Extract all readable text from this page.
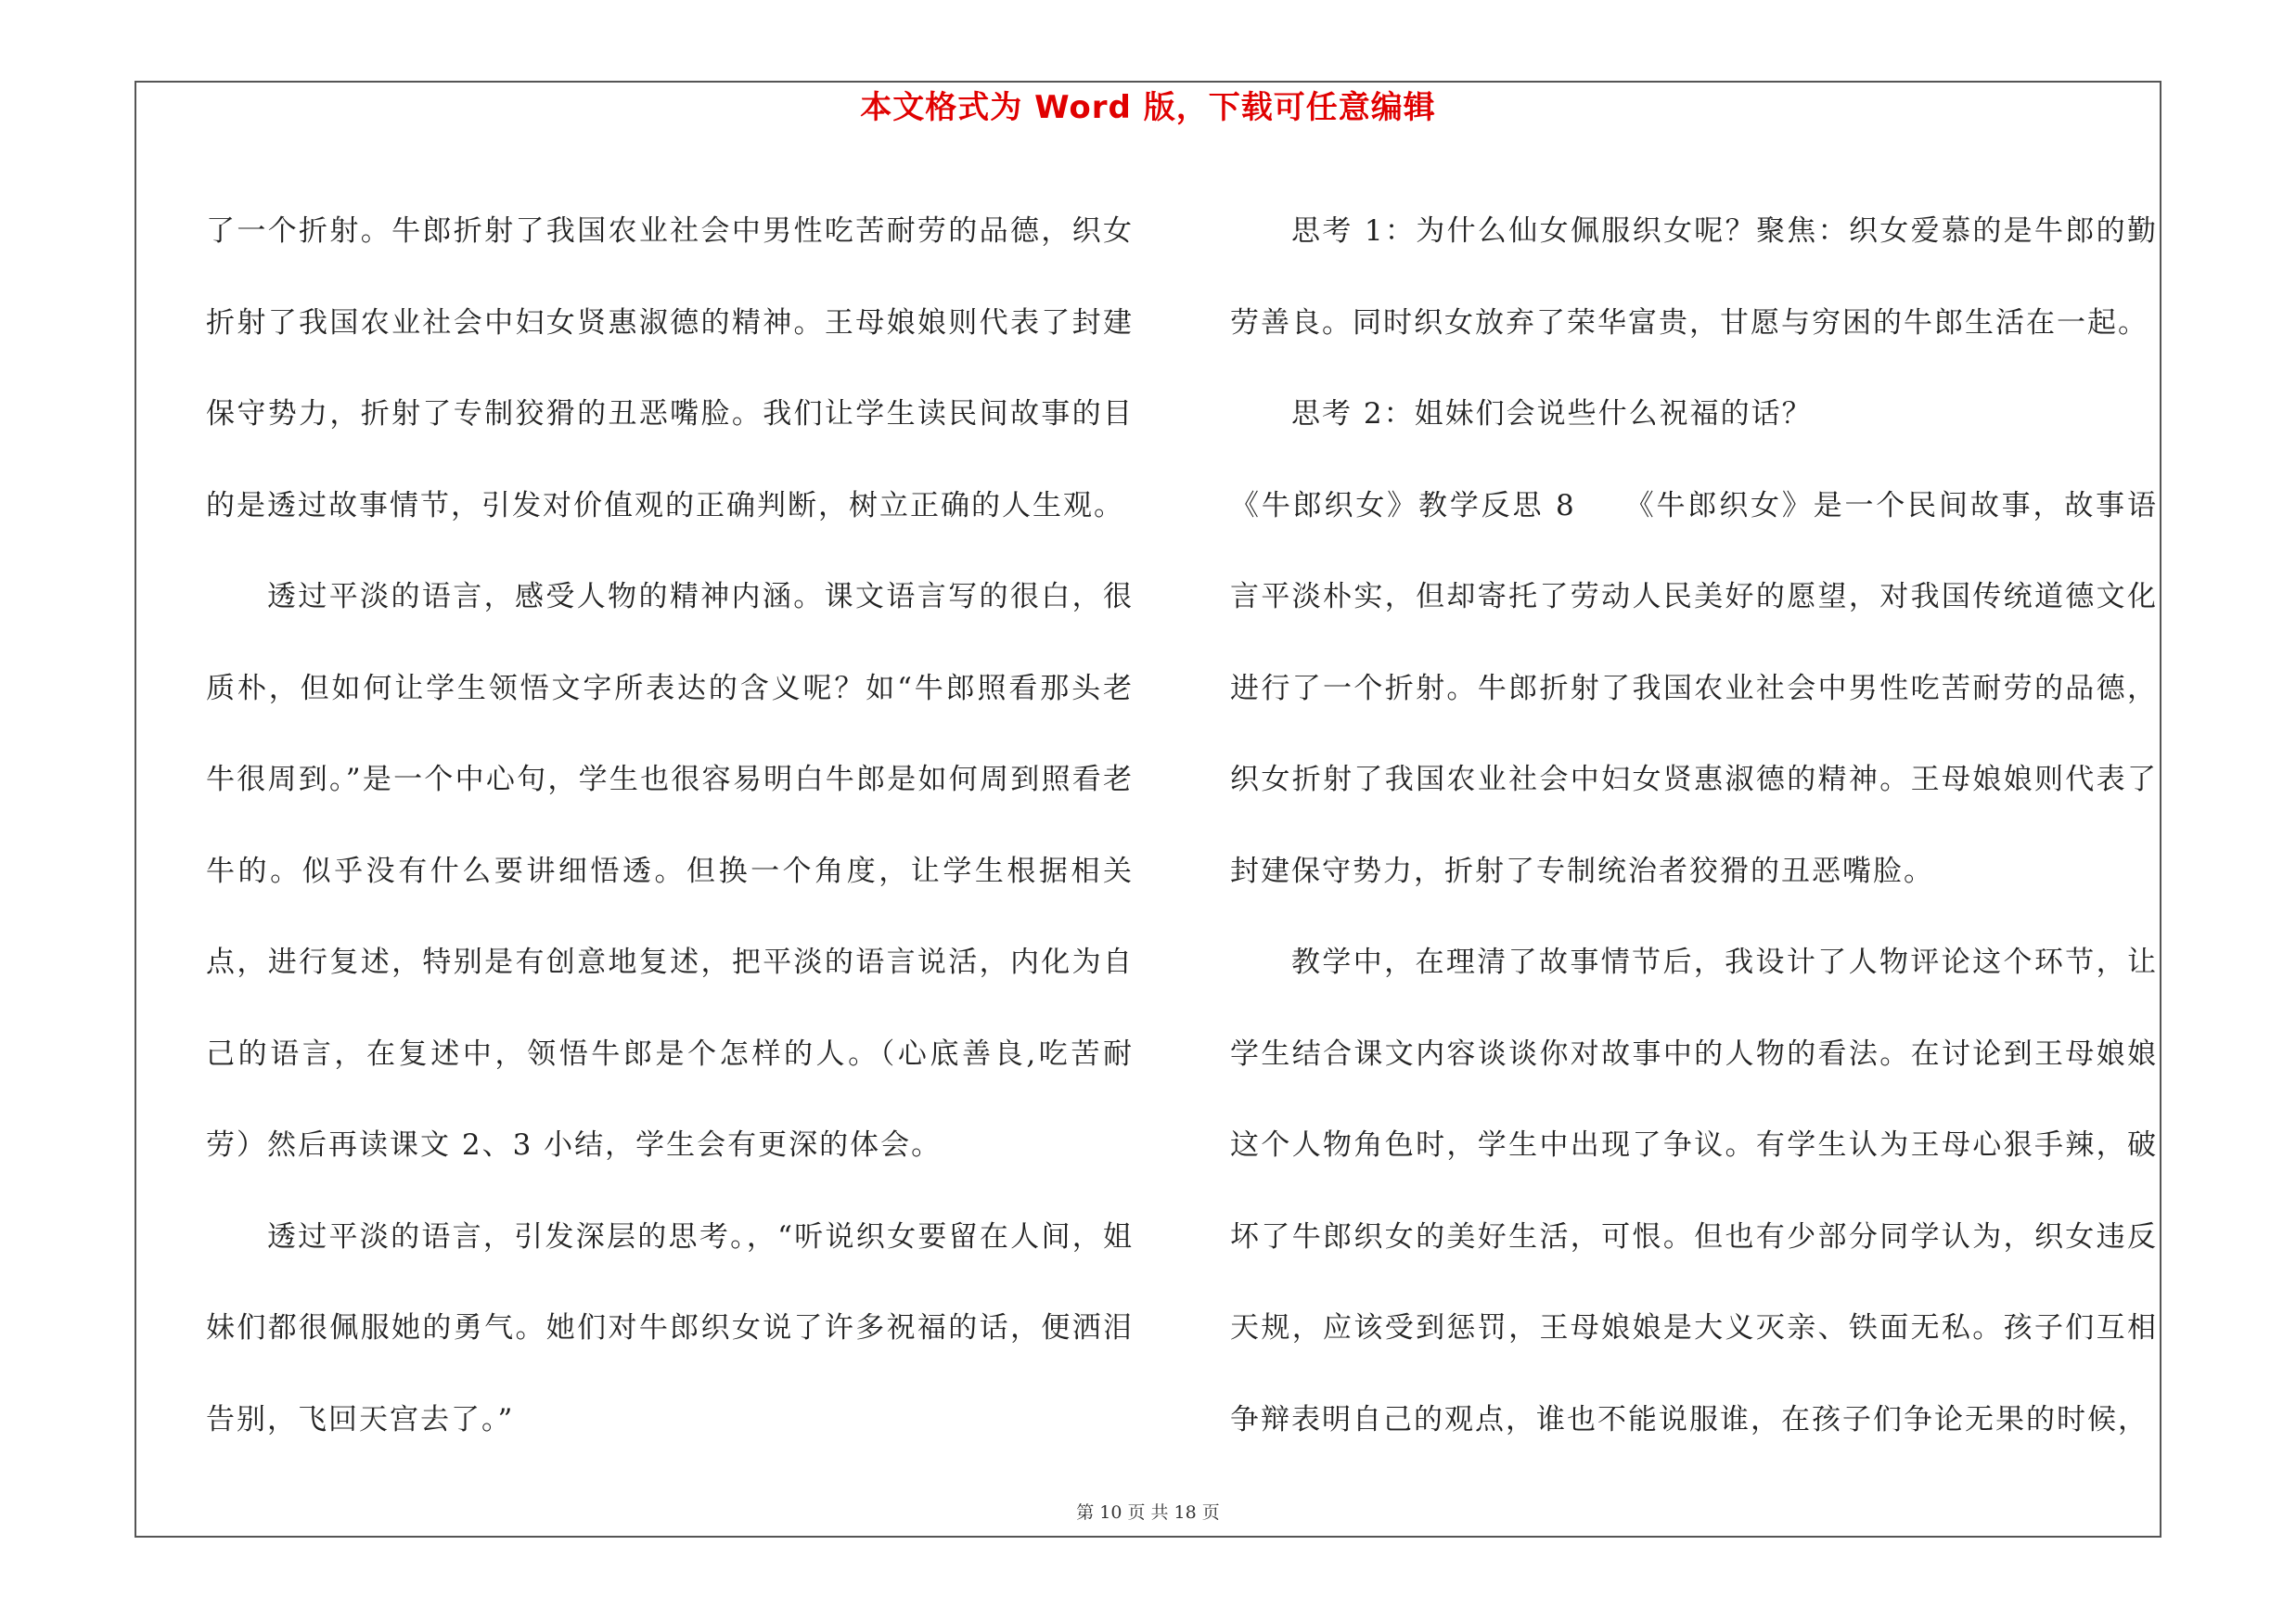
本文格式为 Word 版，下载可任意编辑

了一个折射。牛郎折射了我国农业社会中男性吃苦耐劳的品德，织女折射了我国农业社会中妇女贤惠淑德的精神。王母娘娘则代表了封建保守势力，折射了专制狡猾的丑恶嘴脸。我们让学生读民间故事的目的是透过故事情节，引发对价值观的正确判断，树立正确的人生观。

透过平淡的语言，感受人物的精神内涵。课文语言写的很白，很质朴，但如何让学生领悟文字所表达的含义呢？如“牛郎照看那头老牛很周到。”是一个中心句，学生也很容易明白牛郎是如何周到照看老牛的。似乎没有什么要讲细悟透。但换一个角度，让学生根据相关点，进行复述，特别是有创意地复述，把平淡的语言说活，内化为自己的语言，在复述中，领悟牛郎是个怎样的人。（心底善良,吃苦耐劳）然后再读课文 2、3 小结，学生会有更深的体会。

透过平淡的语言，引发深层的思考。，“听说织女要留在人间，姐妹们都很佩服她的勇气。她们对牛郎织女说了许多祝福的话，便洒泪告别，飞回天宫去了。”

思考 1：为什么仙女佩服织女呢？聚焦：织女爱慕的是牛郎的勤劳善良。同时织女放弃了荣华富贵，甘愿与穷困的牛郎生活在一起。

思考 2：姐妹们会说些什么祝福的话？

《牛郎织女》教学反思 8　　《牛郎织女》是一个民间故事，故事语言平淡朴实，但却寄托了劳动人民美好的愿望，对我国传统道德文化进行了一个折射。牛郎折射了我国农业社会中男性吃苦耐劳的品德，织女折射了我国农业社会中妇女贤惠淑德的精神。王母娘娘则代表了封建保守势力，折射了专制统治者狡猾的丑恶嘴脸。

教学中，在理清了故事情节后，我设计了人物评论这个环节，让学生结合课文内容谈谈你对故事中的人物的看法。在讨论到王母娘娘这个人物角色时，学生中出现了争议。有学生认为王母心狠手辣，破坏了牛郎织女的美好生活，可恨。但也有少部分同学认为，织女违反天规，应该受到惩罚，王母娘娘是大义灭亲、铁面无私。孩子们互相争辩表明自己的观点，谁也不能说服谁，在孩子们争论无果的时候，

第 10 页 共 18 页
